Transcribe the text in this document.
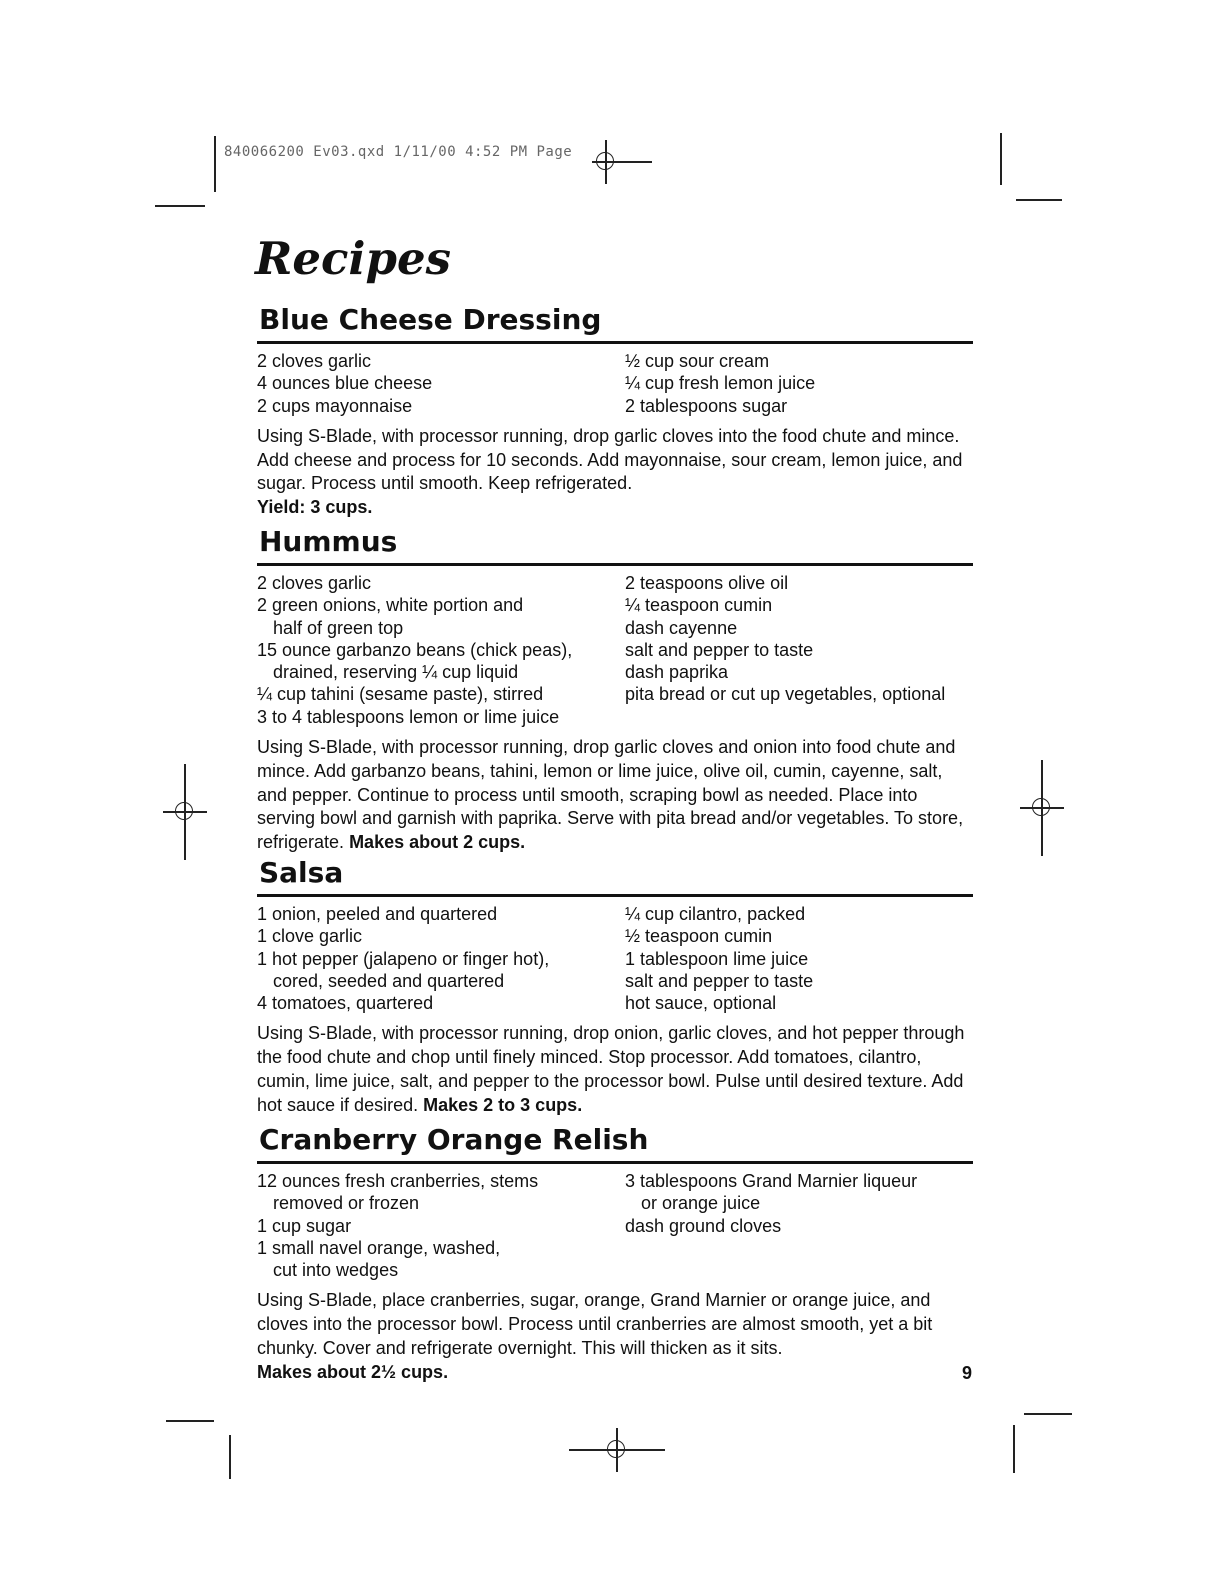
840066200 Ev03.qxd 1/11/00 4:52 PM Page
Recipes
Blue Cheese Dressing
2 cloves garlic
4 ounces blue cheese
2 cups mayonnaise
½ cup sour cream
¼ cup fresh lemon juice
2 tablespoons sugar

Using S-Blade, with processor running, drop garlic cloves into the food chute and mince. Add cheese and process for 10 seconds. Add mayonnaise, sour cream, lemon juice, and sugar. Process until smooth. Keep refrigerated.
Yield: 3 cups.

Hummus
2 cloves garlic
2 green onions, white portion and
half of green top
15 ounce garbanzo beans (chick peas),
drained, reserving ¼ cup liquid
¼ cup tahini (sesame paste), stirred
3 to 4 tablespoons lemon or lime juice
2 teaspoons olive oil
¼ teaspoon cumin
dash cayenne
salt and pepper to taste
dash paprika
pita bread or cut up vegetables, optional

Using S-Blade, with processor running, drop garlic cloves and onion into food chute and mince. Add garbanzo beans, tahini, lemon or lime juice, olive oil, cumin, cayenne, salt, and pepper. Continue to process until smooth, scraping bowl as needed. Place into serving bowl and garnish with paprika. Serve with pita bread and/or vegetables. To store, refrigerate. Makes about 2 cups.

Salsa
1 onion, peeled and quartered
1 clove garlic
1 hot pepper (jalapeno or finger hot),
cored, seeded and quartered
4 tomatoes, quartered
¼ cup cilantro, packed
½ teaspoon cumin
1 tablespoon lime juice
salt and pepper to taste
hot sauce, optional

Using S-Blade, with processor running, drop onion, garlic cloves, and hot pepper through the food chute and chop until finely minced. Stop processor. Add tomatoes, cilantro, cumin, lime juice, salt, and pepper to the processor bowl. Pulse until desired texture. Add hot sauce if desired. Makes 2 to 3 cups.

Cranberry Orange Relish
12 ounces fresh cranberries, stems
removed or frozen
1 cup sugar
1 small navel orange, washed,
cut into wedges
3 tablespoons Grand Marnier liqueur
or orange juice
dash ground cloves

Using S-Blade, place cranberries, sugar, orange, Grand Marnier or orange juice, and cloves into the processor bowl. Process until cranberries are almost smooth, yet a bit chunky. Cover and refrigerate overnight. This will thicken as it sits.
Makes about 2½ cups.	9
